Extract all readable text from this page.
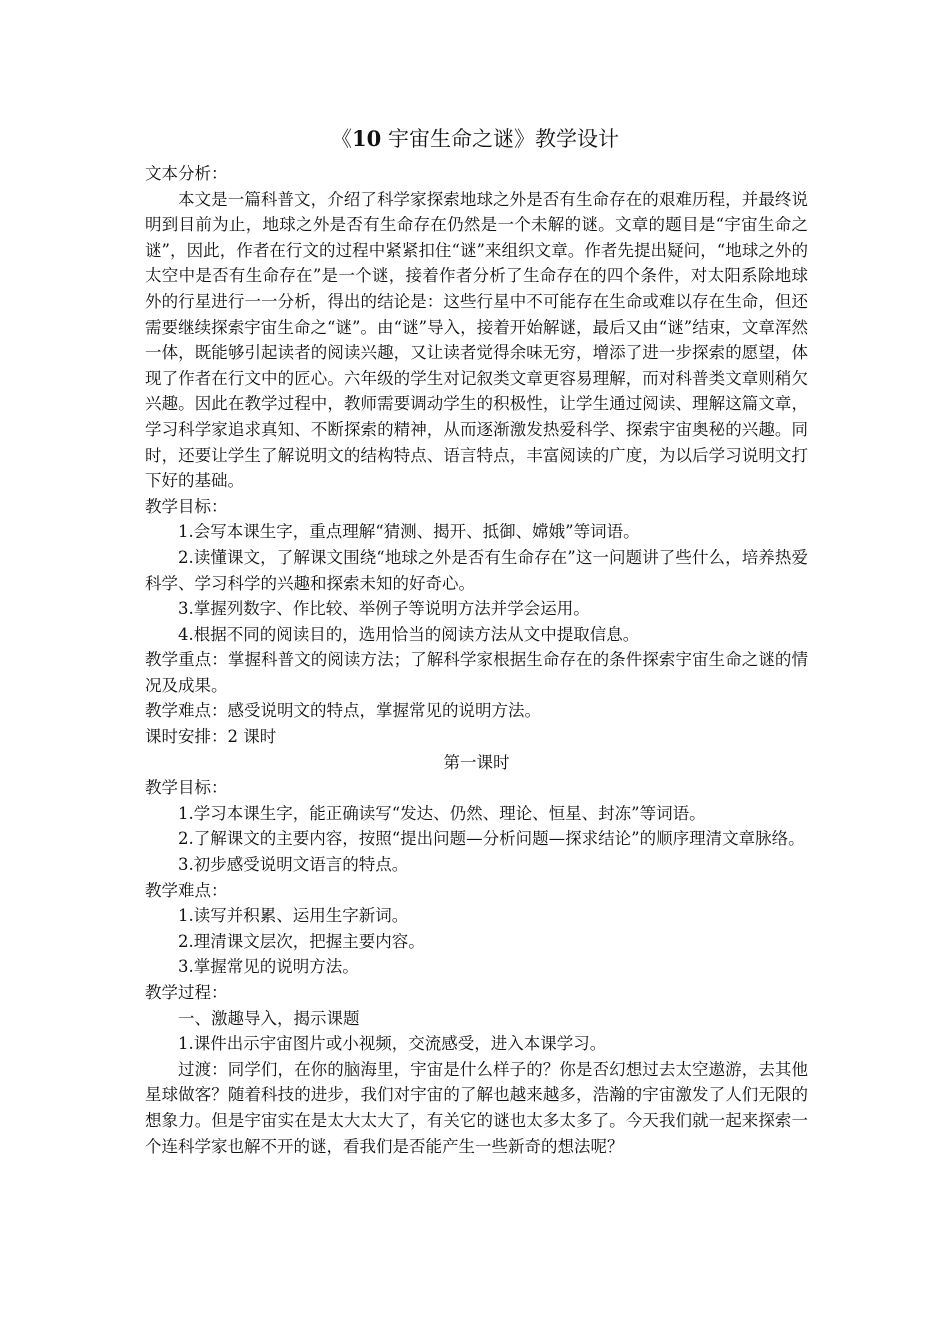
《10 宇宙生命之谜》教学设计

文本分析：

本文是一篇科普文，介绍了科学家探索地球之外是否有生命存在的艰难历程，并最终说明到目前为止，地球之外是否有生命存在仍然是一个未解的谜。文章的题目是“宇宙生命之谜”，因此，作者在行文的过程中紧紧扣住“谜”来组织文章。作者先提出疑问，“地球之外的太空中是否有生命存在”是一个谜，接着作者分析了生命存在的四个条件，对太阳系除地球外的行星进行一一分析，得出的结论是：这些行星中不可能存在生命或难以存在生命，但还需要继续探索宇宙生命之“谜”。由“谜”导入，接着开始解谜，最后又由“谜”结束，文章浑然一体，既能够引起读者的阅读兴趣，又让读者觉得余味无穷，增添了进一步探索的愿望，体现了作者在行文中的匠心。六年级的学生对记叙类文章更容易理解，而对科普类文章则稍欠兴趣。因此在教学过程中，教师需要调动学生的积极性，让学生通过阅读、理解这篇文章，学习科学家追求真知、不断探索的精神，从而逐渐激发热爱科学、探索宇宙奥秘的兴趣。同时，还要让学生了解说明文的结构特点、语言特点，丰富阅读的广度，为以后学习说明文打下好的基础。

教学目标：

1.会写本课生字，重点理解“猜测、揭开、抵御、嫦娥”等词语。

2.读懂课文，了解课文围绕“地球之外是否有生命存在”这一问题讲了些什么，培养热爱科学、学习科学的兴趣和探索未知的好奇心。

3.掌握列数字、作比较、举例子等说明方法并学会运用。

4.根据不同的阅读目的，选用恰当的阅读方法从文中提取信息。

教学重点：掌握科普文的阅读方法；了解科学家根据生命存在的条件探索宇宙生命之谜的情况及成果。

教学难点：感受说明文的特点，掌握常见的说明方法。

课时安排：2 课时

第一课时

教学目标：

1.学习本课生字，能正确读写“发达、仍然、理论、恒星、封冻”等词语。

2.了解课文的主要内容，按照“提出问题—分析问题—探求结论”的顺序理清文章脉络。

3.初步感受说明文语言的特点。

教学难点：

1.读写并积累、运用生字新词。

2.理清课文层次，把握主要内容。

3.掌握常见的说明方法。

教学过程：

一、激趣导入，揭示课题

1.课件出示宇宙图片或小视频，交流感受，进入本课学习。

过渡：同学们，在你的脑海里，宇宙是什么样子的？你是否幻想过去太空遨游，去其他星球做客？随着科技的进步，我们对宇宙的了解也越来越多，浩瀚的宇宙激发了人们无限的想象力。但是宇宙实在是太大太大了，有关它的谜也太多太多了。今天我们就一起来探索一个连科学家也解不开的谜，看我们是否能产生一些新奇的想法呢？
